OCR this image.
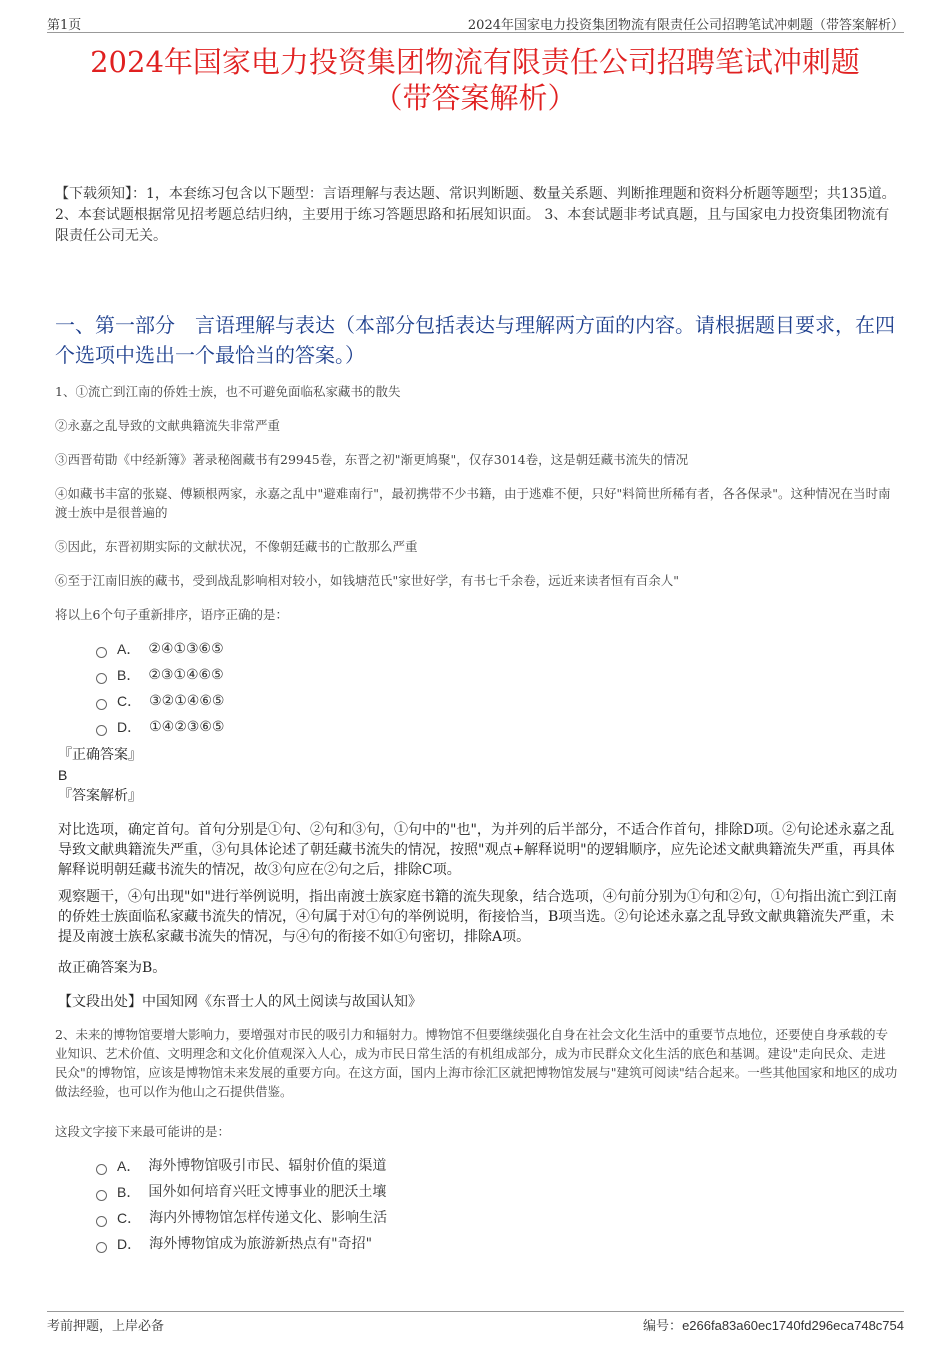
第1页	2024年国家电力投资集团物流有限责任公司招聘笔试冲刺题（带答案解析）
2024年国家电力投资集团物流有限责任公司招聘笔试冲刺题
（带答案解析）
【下载须知】：1，本套练习包含以下题型：言语理解与表达题、常识判断题、数量关系题、判断推理题和资料分析题等题型；共135道。 2、本套试题根据常见招考题总结归纳，主要用于练习答题思路和拓展知识面。 3、本套试题非考试真题，且与国家电力投资集团物流有限责任公司无关。
一、第一部分　言语理解与表达（本部分包括表达与理解两方面的内容。请根据题目要求，在四个选项中选出一个最恰当的答案。）
1、①流亡到江南的侨姓士族，也不可避免面临私家藏书的散失
②永嘉之乱导致的文献典籍流失非常严重
③西晋荀勖《中经新簿》著录秘阁藏书有29945卷，东晋之初"渐更鸠聚"，仅存3014卷，这是朝廷藏书流失的情况
④如藏书丰富的张嶷、傅颖根两家，永嘉之乱中"避难南行"，最初携带不少书籍，由于逃难不便，只好"料简世所稀有者，各各保录"。这种情况在当时南渡士族中是很普遍的
⑤因此，东晋初期实际的文献状况，不像朝廷藏书的亡散那么严重
⑥至于江南旧族的藏书，受到战乱影响相对较小，如钱塘范氏"家世好学，有书七千余卷，远近来读者恒有百余人"
将以上6个句子重新排序，语序正确的是：
A． ②④①③⑥⑤
B． ②③①④⑥⑤
C． ③②①④⑥⑤
D． ①④②③⑥⑤
『正确答案』
B
『答案解析』
对比选项，确定首句。首句分别是①句、②句和③句，①句中的"也"，为并列的后半部分，不适合作首句，排除D项。②句论述永嘉之乱导致文献典籍流失严重，③句具体论述了朝廷藏书流失的情况，按照"观点+解释说明"的逻辑顺序，应先论述文献典籍流失严重，再具体解释说明朝廷藏书流失的情况，故③句应在②句之后，排除C项。
观察题干，④句出现"如"进行举例说明，指出南渡士族家庭书籍的流失现象，结合选项，④句前分别为①句和②句，①句指出流亡到江南的侨姓士族面临私家藏书流失的情况，④句属于对①句的举例说明，衔接恰当，B项当选。②句论述永嘉之乱导致文献典籍流失严重，未提及南渡士族私家藏书流失的情况，与④句的衔接不如①句密切，排除A项。
故正确答案为B。
【文段出处】中国知网《东晋士人的风土阅读与故国认知》
2、未来的博物馆要增大影响力，要增强对市民的吸引力和辐射力。博物馆不但要继续强化自身在社会文化生活中的重要节点地位，还要使自身承载的专业知识、艺术价值、文明理念和文化价值观深入人心，成为市民日常生活的有机组成部分，成为市民群众文化生活的底色和基调。建设"走向民众、走进民众"的博物馆，应该是博物馆未来发展的重要方向。在这方面，国内上海市徐汇区就把博物馆发展与"建筑可阅读"结合起来。一些其他国家和地区的成功做法经验，也可以作为他山之石提供借鉴。
这段文字接下来最可能讲的是：
A． 海外博物馆吸引市民、辐射价值的渠道
B． 国外如何培育兴旺文博事业的肥沃土壤
C． 海内外博物馆怎样传递文化、影响生活
D． 海外博物馆成为旅游新热点有"奇招"
考前押题，上岸必备	编号：e266fa83a60ec1740fd296eca748c754
